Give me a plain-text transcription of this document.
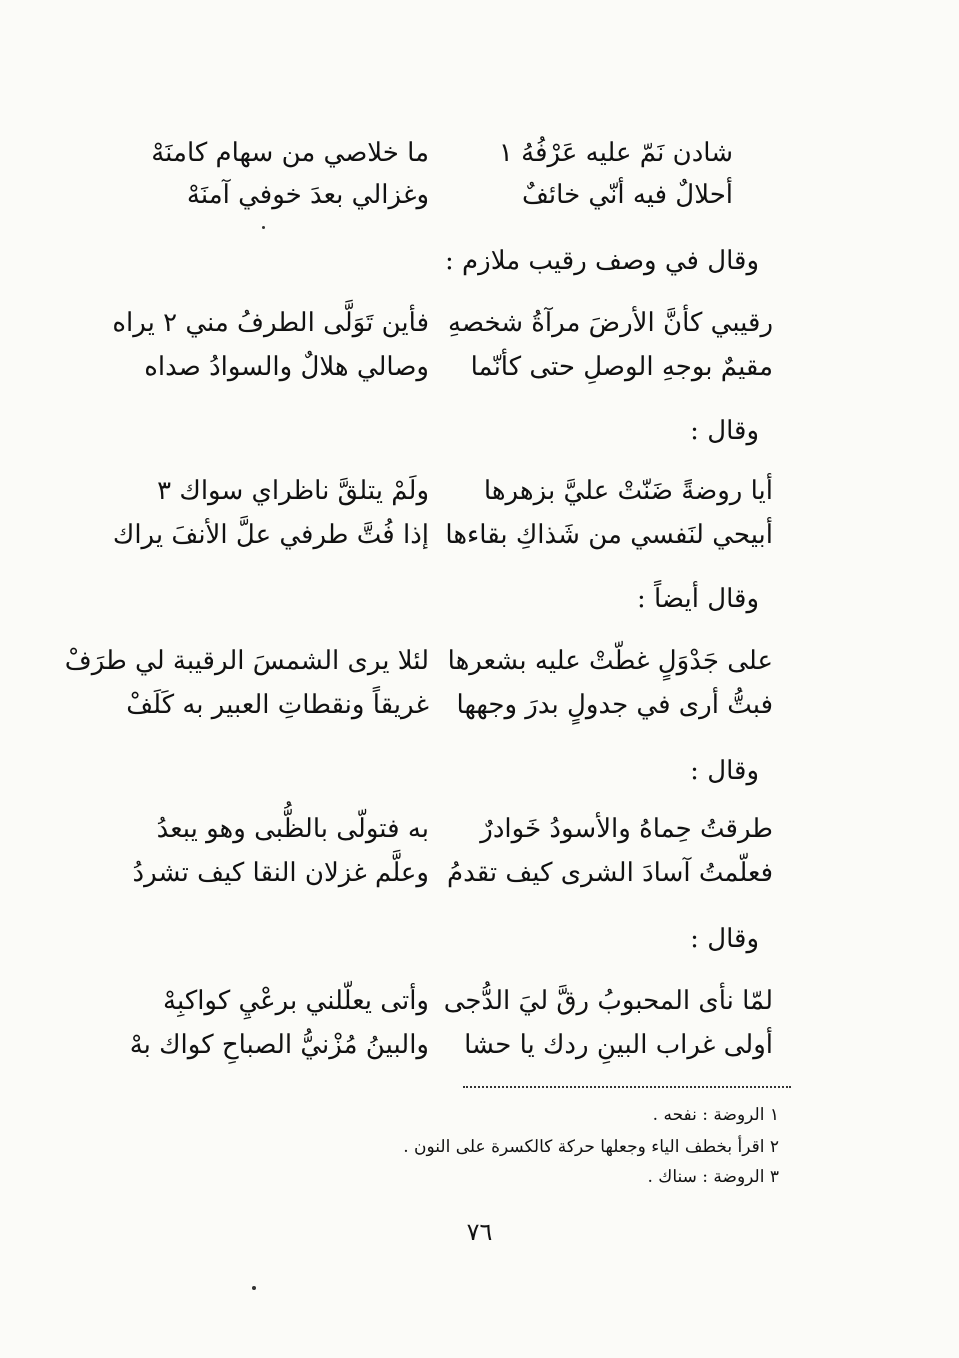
شادن نَمّ عليه عَرْفُهُ ١
ما خلاصي من سهام كامنَهْ
أحلالٌ فيه أنّي خائفٌ
وغزالي بعدَ خوفي آمنَهْ
وقال في وصف رقيب ملازم :
رقيبي كأنَّ الأرضَ مرآةُ شخصهِ
فأين تَوَلَّى الطرفُ مني ٢ يراه
مقيمٌ بوجهِ الوصلِ حتى كأنّما
وصالي هلالٌ والسوادُ صداه
وقال :
أيا روضةً ضَنّتْ عليَّ بزهرها
ولَمْ يتلقَّ ناظراي سواك ٣
أبيحي لنَفسي من شَذاكِ بقاءها
إذا فُتَّ طرفي علَّ الأنفَ يراك
وقال أيضاً :
على جَدْوَلٍ غطّتْ عليه بشعرها
لئلا يرى الشمسَ الرقيبة لي طرَفْ
فبتُّ أرى في جدولٍ بدرَ وجهها
غريقاً ونقطاتِ العبير به كَلَفْ
وقال :
طرقتُ حِماهُ والأسودُ خَوادرٌ
به فتولّى بالظُّبى وهو يبعدُ
فعلّمتُ آسادَ الشرى كيف تقدمُ
وعلَّم غزلان النقا كيف تشردُ
وقال :
لمّا نأى المحبوبُ رقَّ ليَ الدُّجى
وأتى يعلّلني برعْيِ كواكبِهْ
أولى غراب البينِ ردك يا حشا
والبينُ مُزْنيُّ الصباحِ كواك بهْ
١ الروضة : نفحه .
٢ اقرأ بخطف الياء وجعلها حركة كالكسرة على النون .
٣ الروضة : سناك .
٧٦
